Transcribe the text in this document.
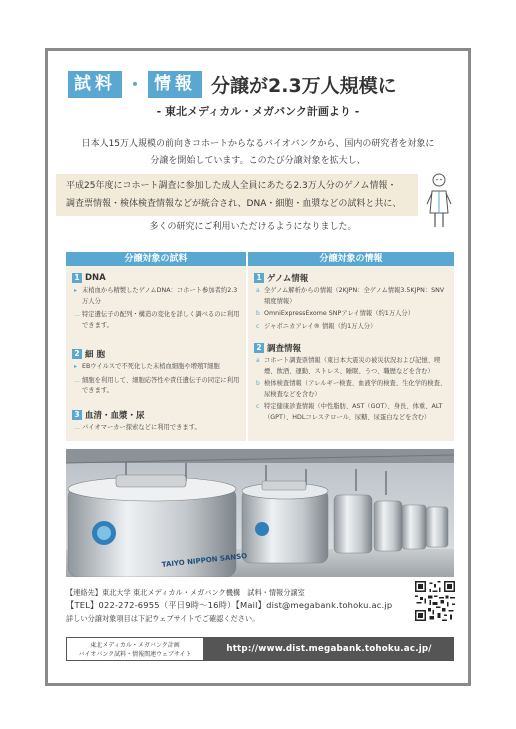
試料 ・ 情報 分譲が2.3万人規模に
- 東北メディカル・メガバンク計画より -
日本人15万人規模の前向きコホートからなるバイオバンクから、国内の研究者を対象に
分譲を開始しています。このたび分譲対象を拡大し、
平成25年度にコホート調査に参加した成人全員にあたる2.3万人分のゲノム情報・
調査票情報・検体検査情報などが統合され、DNA・細胞・血漿などの試料と共に、
多くの研究にご利用いただけるようになりました。
分譲対象の試料
1 DNA
▸ 末梢血から精製したゲノムDNA：コホート参加者約2.3万人分
… 特定遺伝子の配列・構造の変化を詳しく調べるのに利用できます。
2 細 胞
▸ EBウイルスで不死化した末梢血細胞や増殖T細胞
… 細胞を利用して、細胞応答性や責任遺伝子の同定に利用できます。
3 血清・血漿・尿
… バイオマーカー探索などに利用できます。
分譲対象の情報
1 ゲノム情報
a 全ゲノム解析からの情報（2KJPN：全ゲノム情報3.5KJPN：SNV頻度情報）
b OmniExpressExome SNPアレイ情報（約1万人分）
c ジャポニカアレイ® 情報（約1万人分）
2 調査情報
a コホート調査票情報（東日本大震災の被災状況および記憶、喫煙、飲酒、運動、ストレス、睡眠、うつ、職歴などを含む）
b 検体検査情報（アレルギー検査、血液学的検査、生化学的検査、尿検査などを含む）
c 特定健康診査情報（中性脂肪、AST（GOT）、身長、体重、ALT（GPT）、HDLコレステロール、尿糖、尿蛋白などを含む）
TAIYO NIPPON SANSO
【連絡先】東北大学 東北メディカル・メガバンク機構　試料・情報分譲室
【TEL】022-272-6955（平日9時〜16時）【Mail】dist@megabank.tohoku.ac.jp
詳しい分譲対象項目は下記ウェブサイトでご確認ください。
東北メディカル・メガバンク計画
バイオバンク試料・情報関連ウェブサイト
http://www.dist.megabank.tohoku.ac.jp/
